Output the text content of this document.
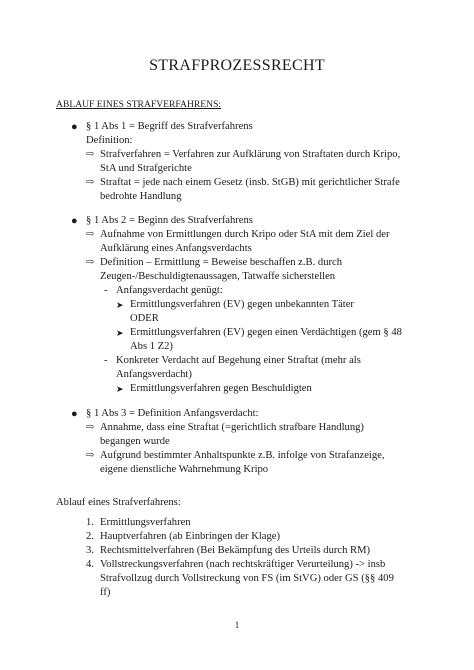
STRAFPROZESSRECHT
ABLAUF EINES STRAFVERFAHRENS:
● § 1 Abs 1 = Begriff des Strafverfahrens
Definition:
⇨ Strafverfahren = Verfahren zur Aufklärung von Straftaten durch Kripo,
StA und Strafgerichte
⇨ Straftat = jede nach einem Gesetz (insb. StGB) mit gerichtlicher Strafe
bedrohte Handlung
● § 1 Abs 2 = Beginn des Strafverfahrens
⇨ Aufnahme von Ermittlungen durch Kripo oder StA mit dem Ziel der
Aufklärung eines Anfangsverdachts
⇨ Definition – Ermittlung = Beweise beschaffen z.B. durch
Zeugen-/Beschuldigtenaussagen, Tatwaffe sicherstellen
- Anfangsverdacht genügt:
➤ Ermittlungsverfahren (EV) gegen unbekannten Täter
ODER
➤ Ermittlungsverfahren (EV) gegen einen Verdächtigen (gem § 48
Abs 1 Z2)
- Konkreter Verdacht auf Begehung einer Straftat (mehr als
Anfangsverdacht)
➤ Ermittlungsverfahren gegen Beschuldigten
● § 1 Abs 3 = Definition Anfangsverdacht:
⇨ Annahme, dass eine Straftat (=gerichtlich strafbare Handlung)
begangen wurde
⇨ Aufgrund bestimmter Anhaltspunkte z.B. infolge von Strafanzeige,
eigene dienstliche Wahrnehmung Kripo
Ablauf eines Strafverfahrens:
1. Ermittlungsverfahren
2. Hauptverfahren (ab Einbringen der Klage)
3. Rechtsmittelverfahren (Bei Bekämpfung des Urteils durch RM)
4. Vollstreckungsverfahren (nach rechtskräftiger Verurteilung) -> insb
Strafvollzug durch Vollstreckung von FS (im StVG) oder GS (§§ 409
ff)
1
